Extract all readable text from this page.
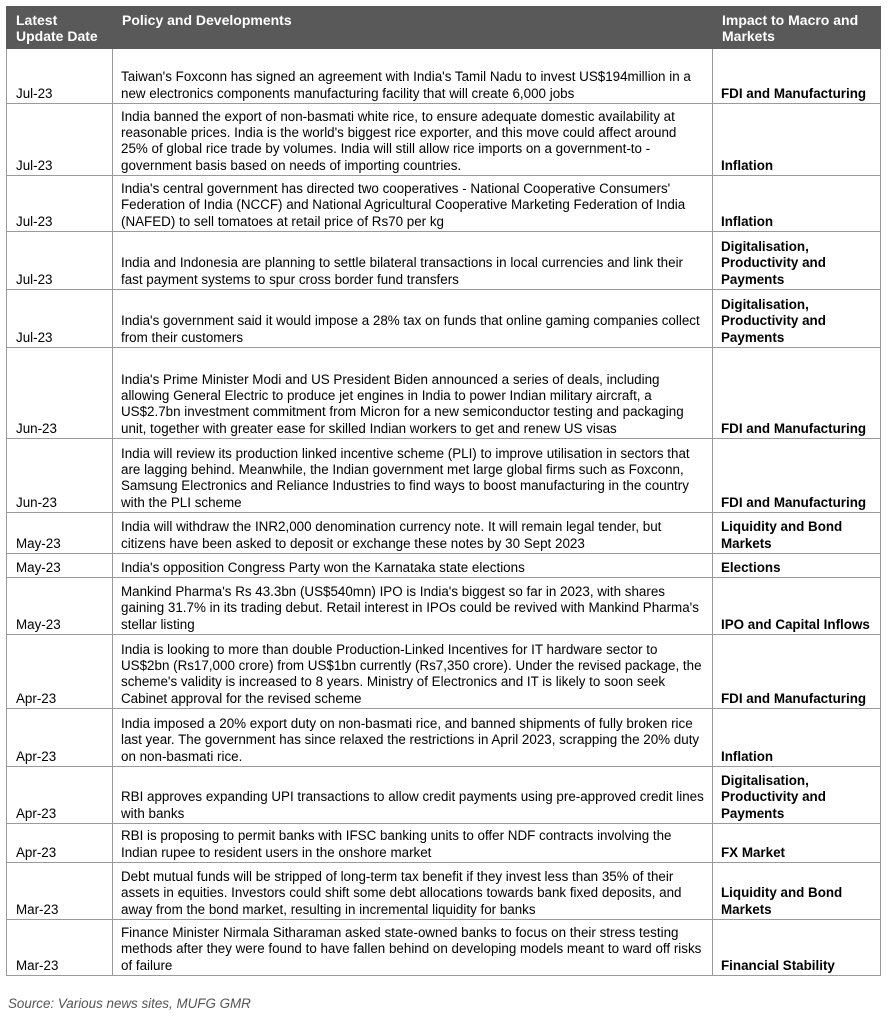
Latest Update Date	Policy and Developments	Impact to Macro and Markets
Jul-23	Taiwan's Foxconn has signed an agreement with India's Tamil Nadu to invest US$194million in a new electronics components manufacturing facility that will create 6,000 jobs	FDI and Manufacturing
Jul-23	India banned the export of non-basmati white rice, to ensure adequate domestic availability at reasonable prices. India is the world's biggest rice exporter, and this move could affect around 25% of global rice trade by volumes. India will still allow rice imports on a government-to -government basis based on needs of importing countries.	Inflation
Jul-23	India's central government has directed two cooperatives - National Cooperative Consumers' Federation of India (NCCF) and National Agricultural Cooperative Marketing Federation of India (NAFED) to sell tomatoes at retail price of Rs70 per kg	Inflation
Jul-23	India and Indonesia are planning to settle bilateral transactions in local currencies and link their fast payment systems to spur cross border fund transfers	Digitalisation, Productivity and Payments
Jul-23	India's government said it would impose a 28% tax on funds that online gaming companies collect from their customers	Digitalisation, Productivity and Payments
Jun-23	India's Prime Minister Modi and US President Biden announced a series of deals, including allowing General Electric to produce jet engines in India to power Indian military aircraft, a US$2.7bn investment commitment from Micron for a new semiconductor testing and packaging unit, together with greater ease for skilled Indian workers to get and renew US visas	FDI and Manufacturing
Jun-23	India will review its production linked incentive scheme (PLI) to improve utilisation in sectors that are lagging behind. Meanwhile, the Indian government met large global firms such as Foxconn, Samsung Electronics and Reliance Industries to find ways to boost manufacturing in the country with the PLI scheme	FDI and Manufacturing
May-23	India will withdraw the INR2,000 denomination currency note. It will remain legal tender, but citizens have been asked to deposit or exchange these notes by 30 Sept 2023	Liquidity and Bond Markets
May-23	India's opposition Congress Party won the Karnataka state elections	Elections
May-23	Mankind Pharma's Rs 43.3bn (US$540mn) IPO is India's biggest so far in 2023, with shares gaining 31.7% in its trading debut. Retail interest in IPOs could be revived with Mankind Pharma's stellar listing	IPO and Capital Inflows
Apr-23	India is looking to more than double Production-Linked Incentives for IT hardware sector to US$2bn (Rs17,000 crore) from US$1bn currently (Rs7,350 crore). Under the revised package, the scheme's validity is increased to 8 years. Ministry of Electronics and IT is likely to soon seek Cabinet approval for the revised scheme	FDI and Manufacturing
Apr-23	India imposed a 20% export duty on non-basmati rice, and banned shipments of fully broken rice last year. The government has since relaxed the restrictions in April 2023, scrapping the 20% duty on non-basmati rice.	Inflation
Apr-23	RBI approves expanding UPI transactions to allow credit payments using pre-approved credit lines with banks	Digitalisation, Productivity and Payments
Apr-23	RBI is proposing to permit banks with IFSC banking units to offer NDF contracts involving the Indian rupee to resident users in the onshore market	FX Market
Mar-23	Debt mutual funds will be stripped of long-term tax benefit if they invest less than 35% of their assets in equities. Investors could shift some debt allocations towards bank fixed deposits, and away from the bond market, resulting in incremental liquidity for banks	Liquidity and Bond Markets
Mar-23	Finance Minister Nirmala Sitharaman asked state-owned banks to focus on their stress testing methods after they were found to have fallen behind on developing models meant to ward off risks of failure	Financial Stability
Source: Various news sites, MUFG GMR
